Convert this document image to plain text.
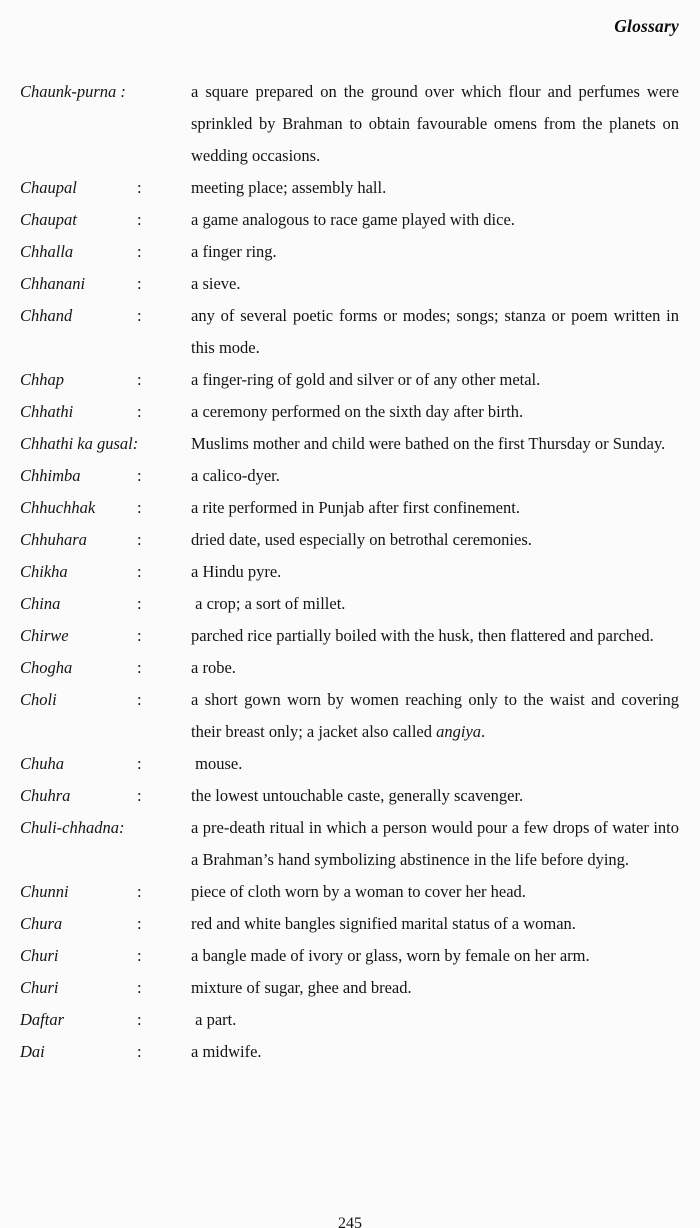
Glossary
Chaunk-purna :	a square prepared on the ground over which flour and perfumes were sprinkled by Brahman to obtain favourable omens from the planets on wedding occasions.
Chaupal	:	meeting place; assembly hall.
Chaupat	:	a game analogous to race game played with dice.
Chhalla	:	a finger ring.
Chhanani	:	a sieve.
Chhand	:	any of several poetic forms or modes; songs; stanza or poem written in this mode.
Chhap	:	a finger-ring of gold and silver or of any other metal.
Chhathi	:	a ceremony performed on the sixth day after birth.
Chhathi ka gusal:	Muslims mother and child were bathed on the first Thursday or Sunday.
Chhimba	:	a calico-dyer.
Chhuchhak	:	a rite performed in Punjab after first confinement.
Chhuhara	:	dried date, used especially on betrothal ceremonies.
Chikha	:	a Hindu pyre.
China	:	a crop; a sort of millet.
Chirwe	:	parched rice partially boiled with the husk, then flattered and parched.
Chogha	:	a robe.
Choli	:	a short gown worn by women reaching only to the waist and covering their breast only; a jacket also called angiya.
Chuha	:	mouse.
Chuhra	:	the lowest untouchable caste, generally scavenger.
Chuli-chhadna:	a pre-death ritual in which a person would pour a few drops of water into a Brahman’s hand symbolizing abstinence in the life before dying.
Chunni	:	piece of cloth worn by a woman to cover her head.
Chura	:	red and white bangles signified marital status of a woman.
Churi	:	a bangle made of ivory or glass, worn by female on her arm.
Churi	:	mixture of sugar, ghee and bread.
Daftar	:	a part.
Dai	:	a midwife.
245
